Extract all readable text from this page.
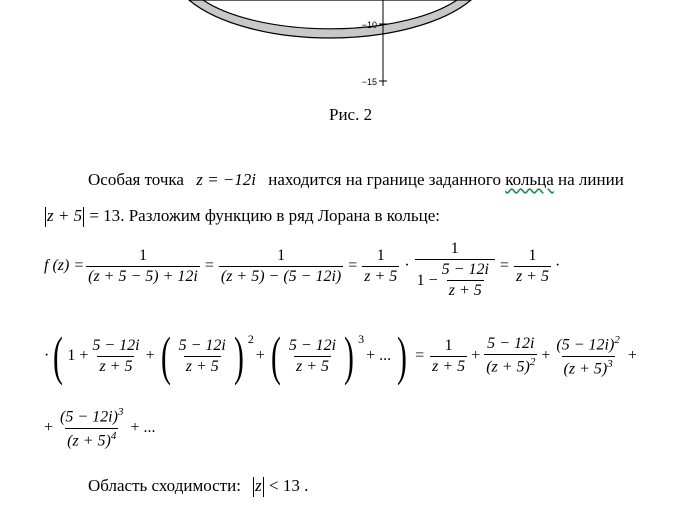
−10
−15
Рис. 2
Особая точка z = −12i находится на границе заданного кольца на линии
z + 5 = 13. Разложим функцию в ряд Лорана в кольце:
f $(z) = \frac{1}{(z + 5 - 5) + 12i} = \frac{1}{(z + 5) - (5 - 12i)} = \frac{1}{z + 5} \cdot \frac{1}{1 - \frac{5 - 12i}{z + 5}} = \frac{1}{z + 5}$ ·
· ( $1 + \frac{5 - 12i}{z + 5}$ + ( $\frac{5 - 12i}{z + 5}$ ) 2
+ ( $\frac{5 - 12i}{z + 5}$ ) 3
+ ... ) = $\frac{1}{z + 5} + \frac{5 - 12i}{(z + 5)^2} + \frac{(5 - 12i)^2}{(z + 5)^3}$ +
+ $\frac{(5 - 12i)^3}{(z + 5)^4}$ + ...
Область сходимости: z < 13 .
